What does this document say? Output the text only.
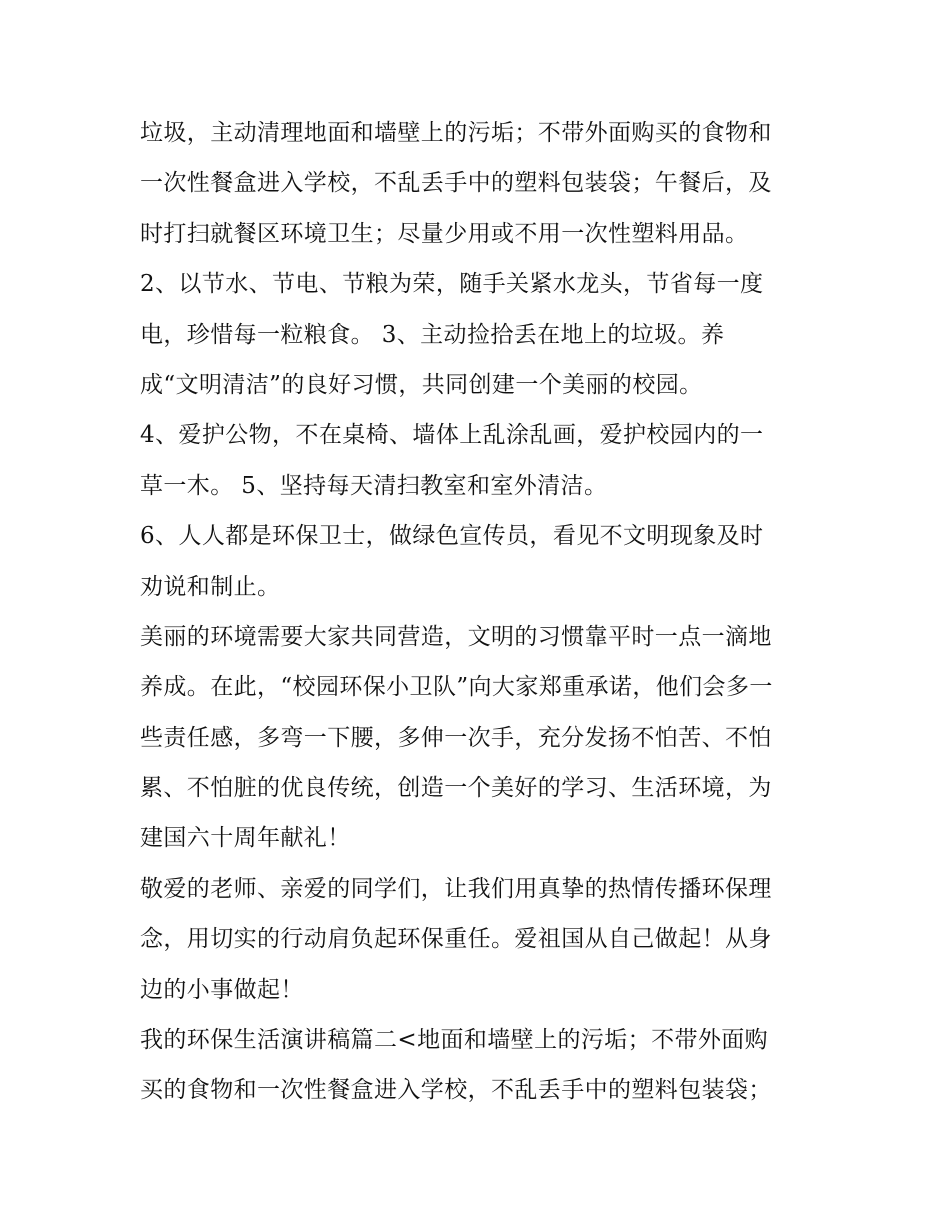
垃圾，主动清理地面和墙壁上的污垢；不带外面购买的食物和
一次性餐盒进入学校，不乱丢手中的塑料包装袋；午餐后，及
时打扫就餐区环境卫生；尽量少用或不用一次性塑料用品。
2、以节水、节电、节粮为荣，随手关紧水龙头，节省每一度
电，珍惜每一粒粮食。 3、主动捡拾丢在地上的垃圾。养
成“文明清洁”的良好习惯，共同创建一个美丽的校园。
4、爱护公物，不在桌椅、墙体上乱涂乱画，爱护校园内的一
草一木。 5、坚持每天清扫教室和室外清洁。
6、人人都是环保卫士，做绿色宣传员，看见不文明现象及时
劝说和制止。
美丽的环境需要大家共同营造，文明的习惯靠平时一点一滴地
养成。在此，“校园环保小卫队”向大家郑重承诺，他们会多一
些责任感，多弯一下腰，多伸一次手，充分发扬不怕苦、不怕
累、不怕脏的优良传统，创造一个美好的学习、生活环境，为
建国六十周年献礼！
敬爱的老师、亲爱的同学们，让我们用真挚的热情传播环保理
念，用切实的行动肩负起环保重任。爱祖国从自己做起！从身
边的小事做起！
我的环保生活演讲稿篇二<地面和墙壁上的污垢；不带外面购
买的食物和一次性餐盒进入学校，不乱丢手中的塑料包装袋；
